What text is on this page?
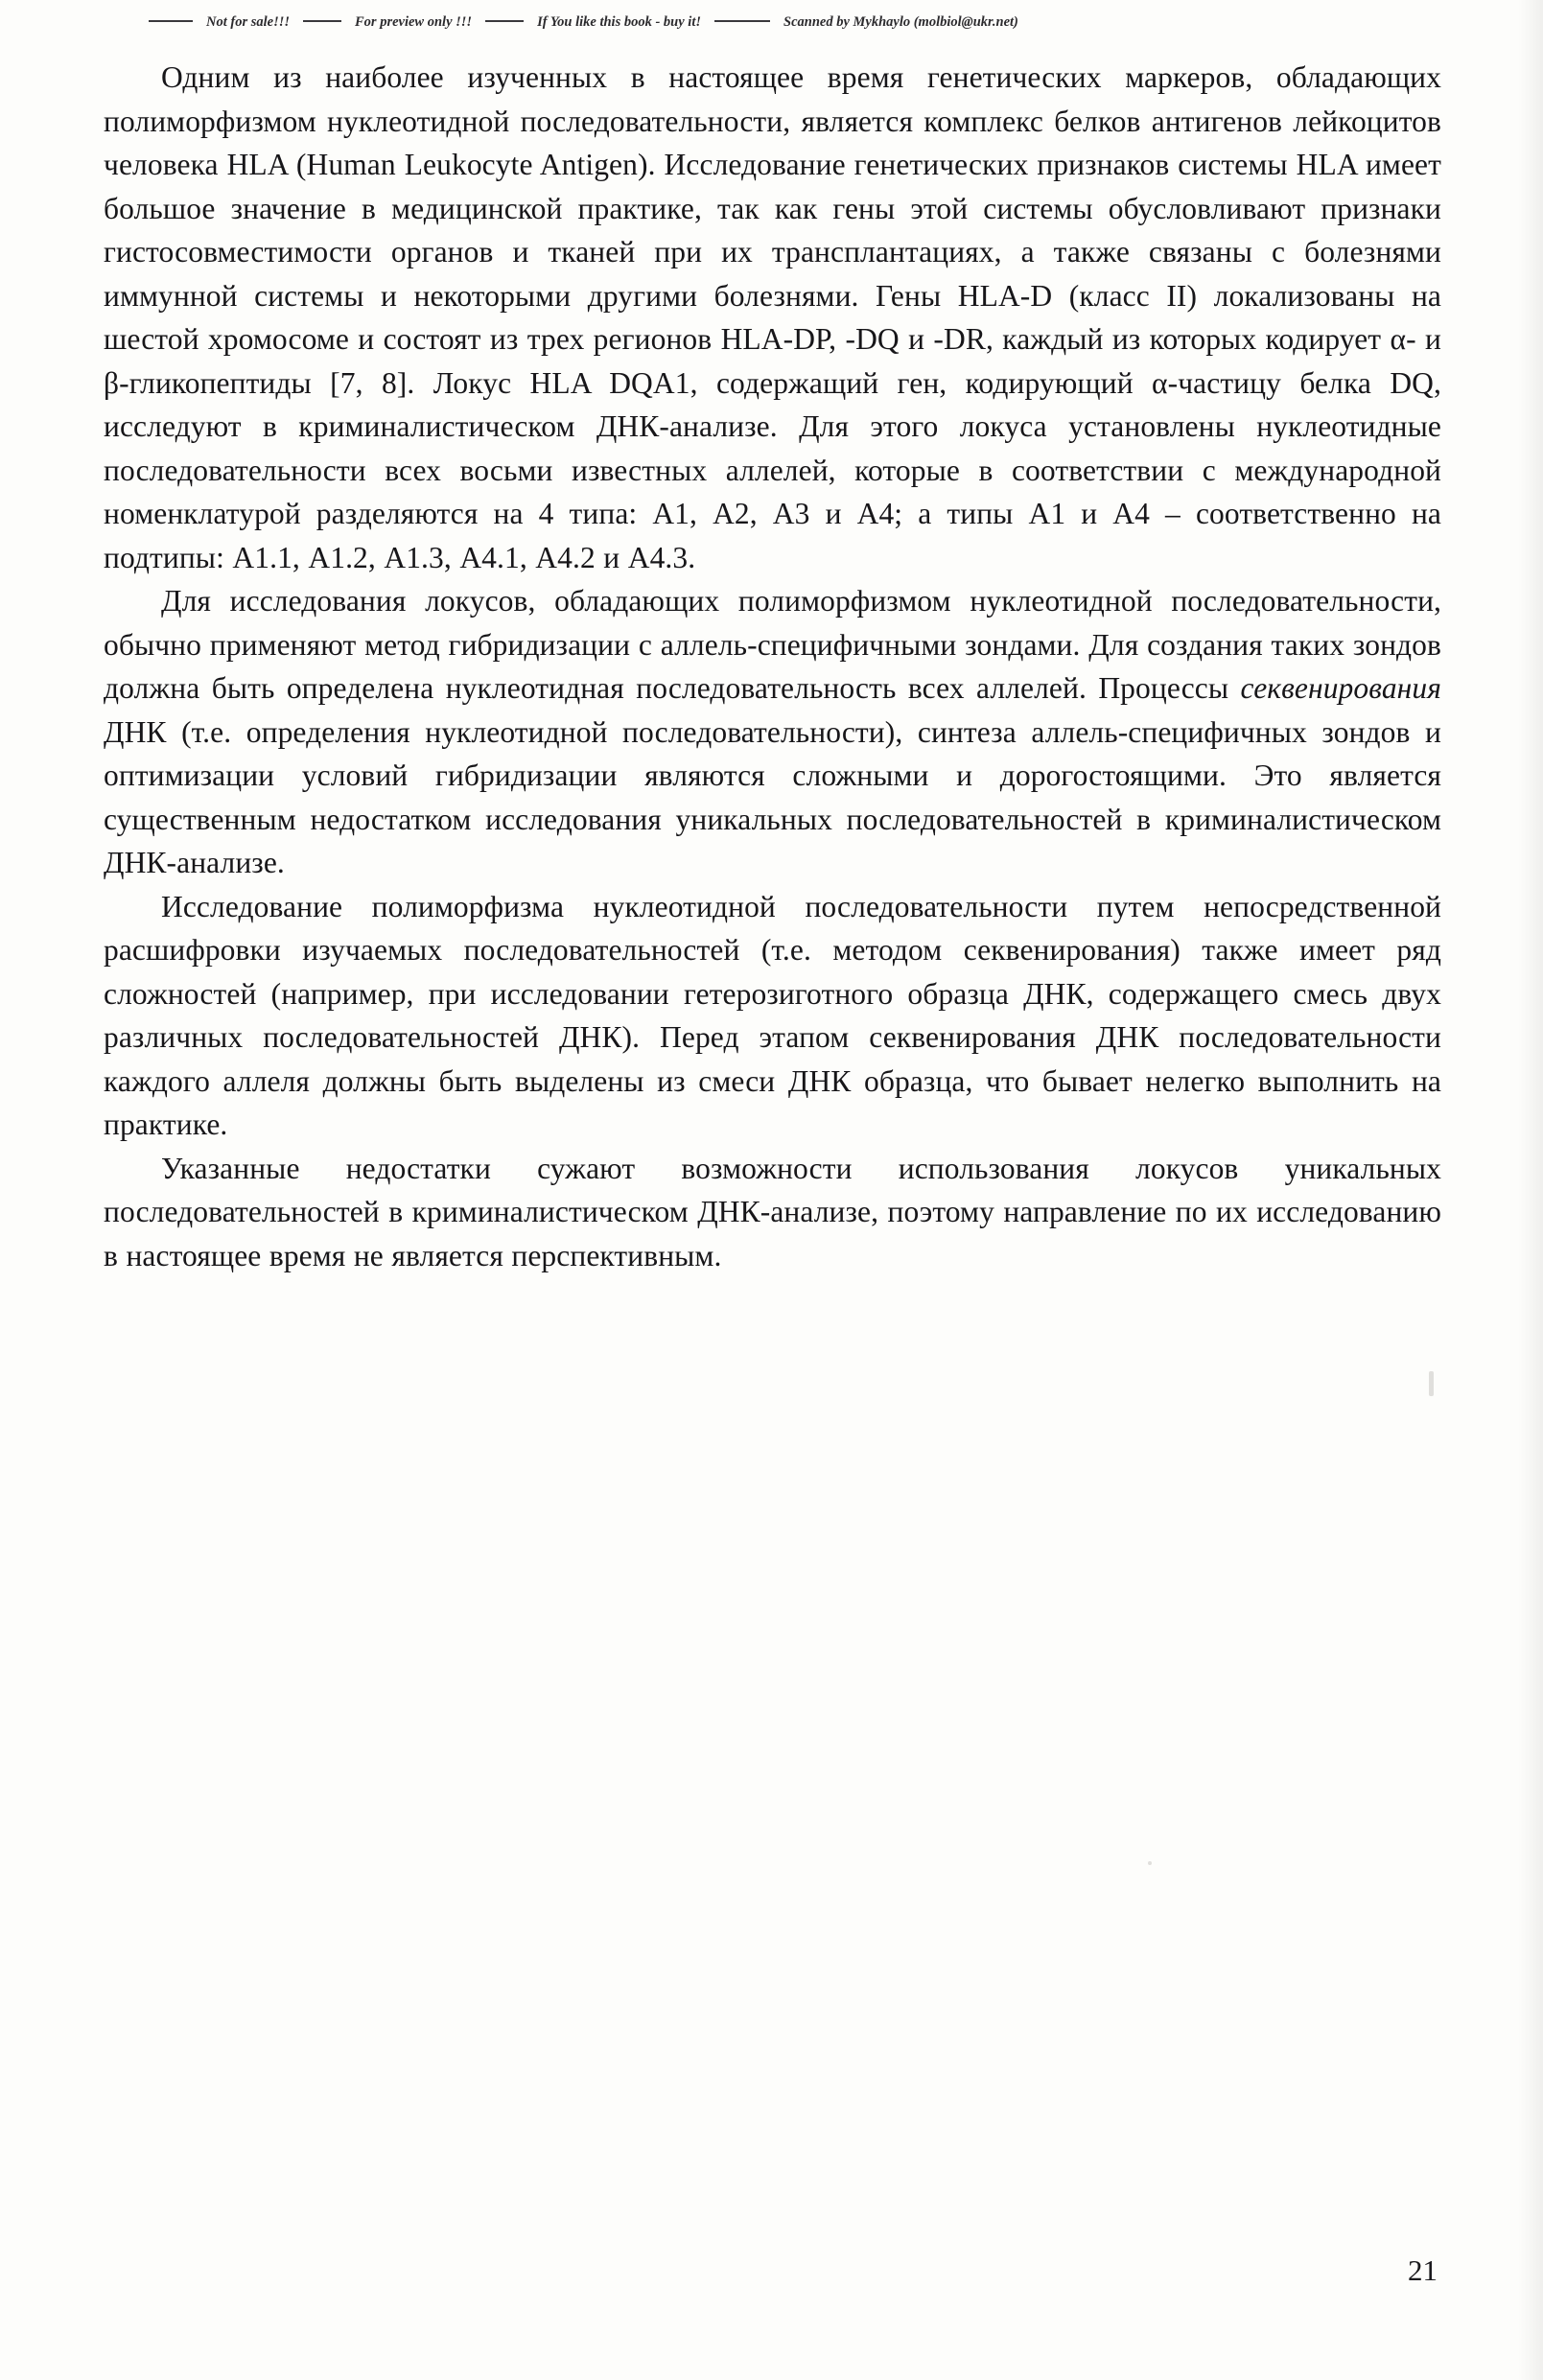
Not for sale!!!	For preview only !!!	If You like this book - buy it!	Scanned by Mykhaylo (molbiol@ukr.net)

Одним из наиболее изученных в настоящее время генетических маркеров, обладающих полиморфизмом нуклеотидной последовательности, является комплекс белков антигенов лейкоцитов человека HLA (Human Leukocyte Antigen). Исследование генетических признаков системы HLA имеет большое значение в медицинской практике, так как гены этой системы обусловливают признаки гистосовместимости органов и тканей при их трансплантациях, а также связаны с болезнями иммунной системы и некоторыми другими болезнями. Гены HLA-D (класс II) локализованы на шестой хромосоме и состоят из трех регионов HLA-DP, -DQ и -DR, каждый из которых кодирует α- и β-гликопептиды [7, 8]. Локус HLA DQA1, содержащий ген, кодирующий α-частицу белка DQ, исследуют в криминалистическом ДНК-анализе. Для этого локуса установлены нуклеотидные последовательности всех восьми известных аллелей, которые в соответствии с международной номенклатурой разделяются на 4 типа: А1, А2, А3 и А4; а типы А1 и А4 – соответственно на подтипы: А1.1, А1.2, А1.3, А4.1, А4.2 и А4.3.

Для исследования локусов, обладающих полиморфизмом нуклеотидной последовательности, обычно применяют метод гибридизации с аллель-специфичными зондами. Для создания таких зондов должна быть определена нуклеотидная последовательность всех аллелей. Процессы секвенирования ДНК (т.е. определения нуклеотидной последовательности), синтеза аллель-специфичных зондов и оптимизации условий гибридизации являются сложными и дорогостоящими. Это является существенным недостатком исследования уникальных последовательностей в криминалистическом ДНК-анализе.

Исследование полиморфизма нуклеотидной последовательности путем непосредственной расшифровки изучаемых последовательностей (т.е. методом секвенирования) также имеет ряд сложностей (например, при исследовании гетерозиготного образца ДНК, содержащего смесь двух различных последовательностей ДНК). Перед этапом секвенирования ДНК последовательности каждого аллеля должны быть выделены из смеси ДНК образца, что бывает нелегко выполнить на практике.

Указанные недостатки сужают возможности использования локусов уникальных последовательностей в криминалистическом ДНК-анализе, поэтому направление по их исследованию в настоящее время не является перспективным.

21
